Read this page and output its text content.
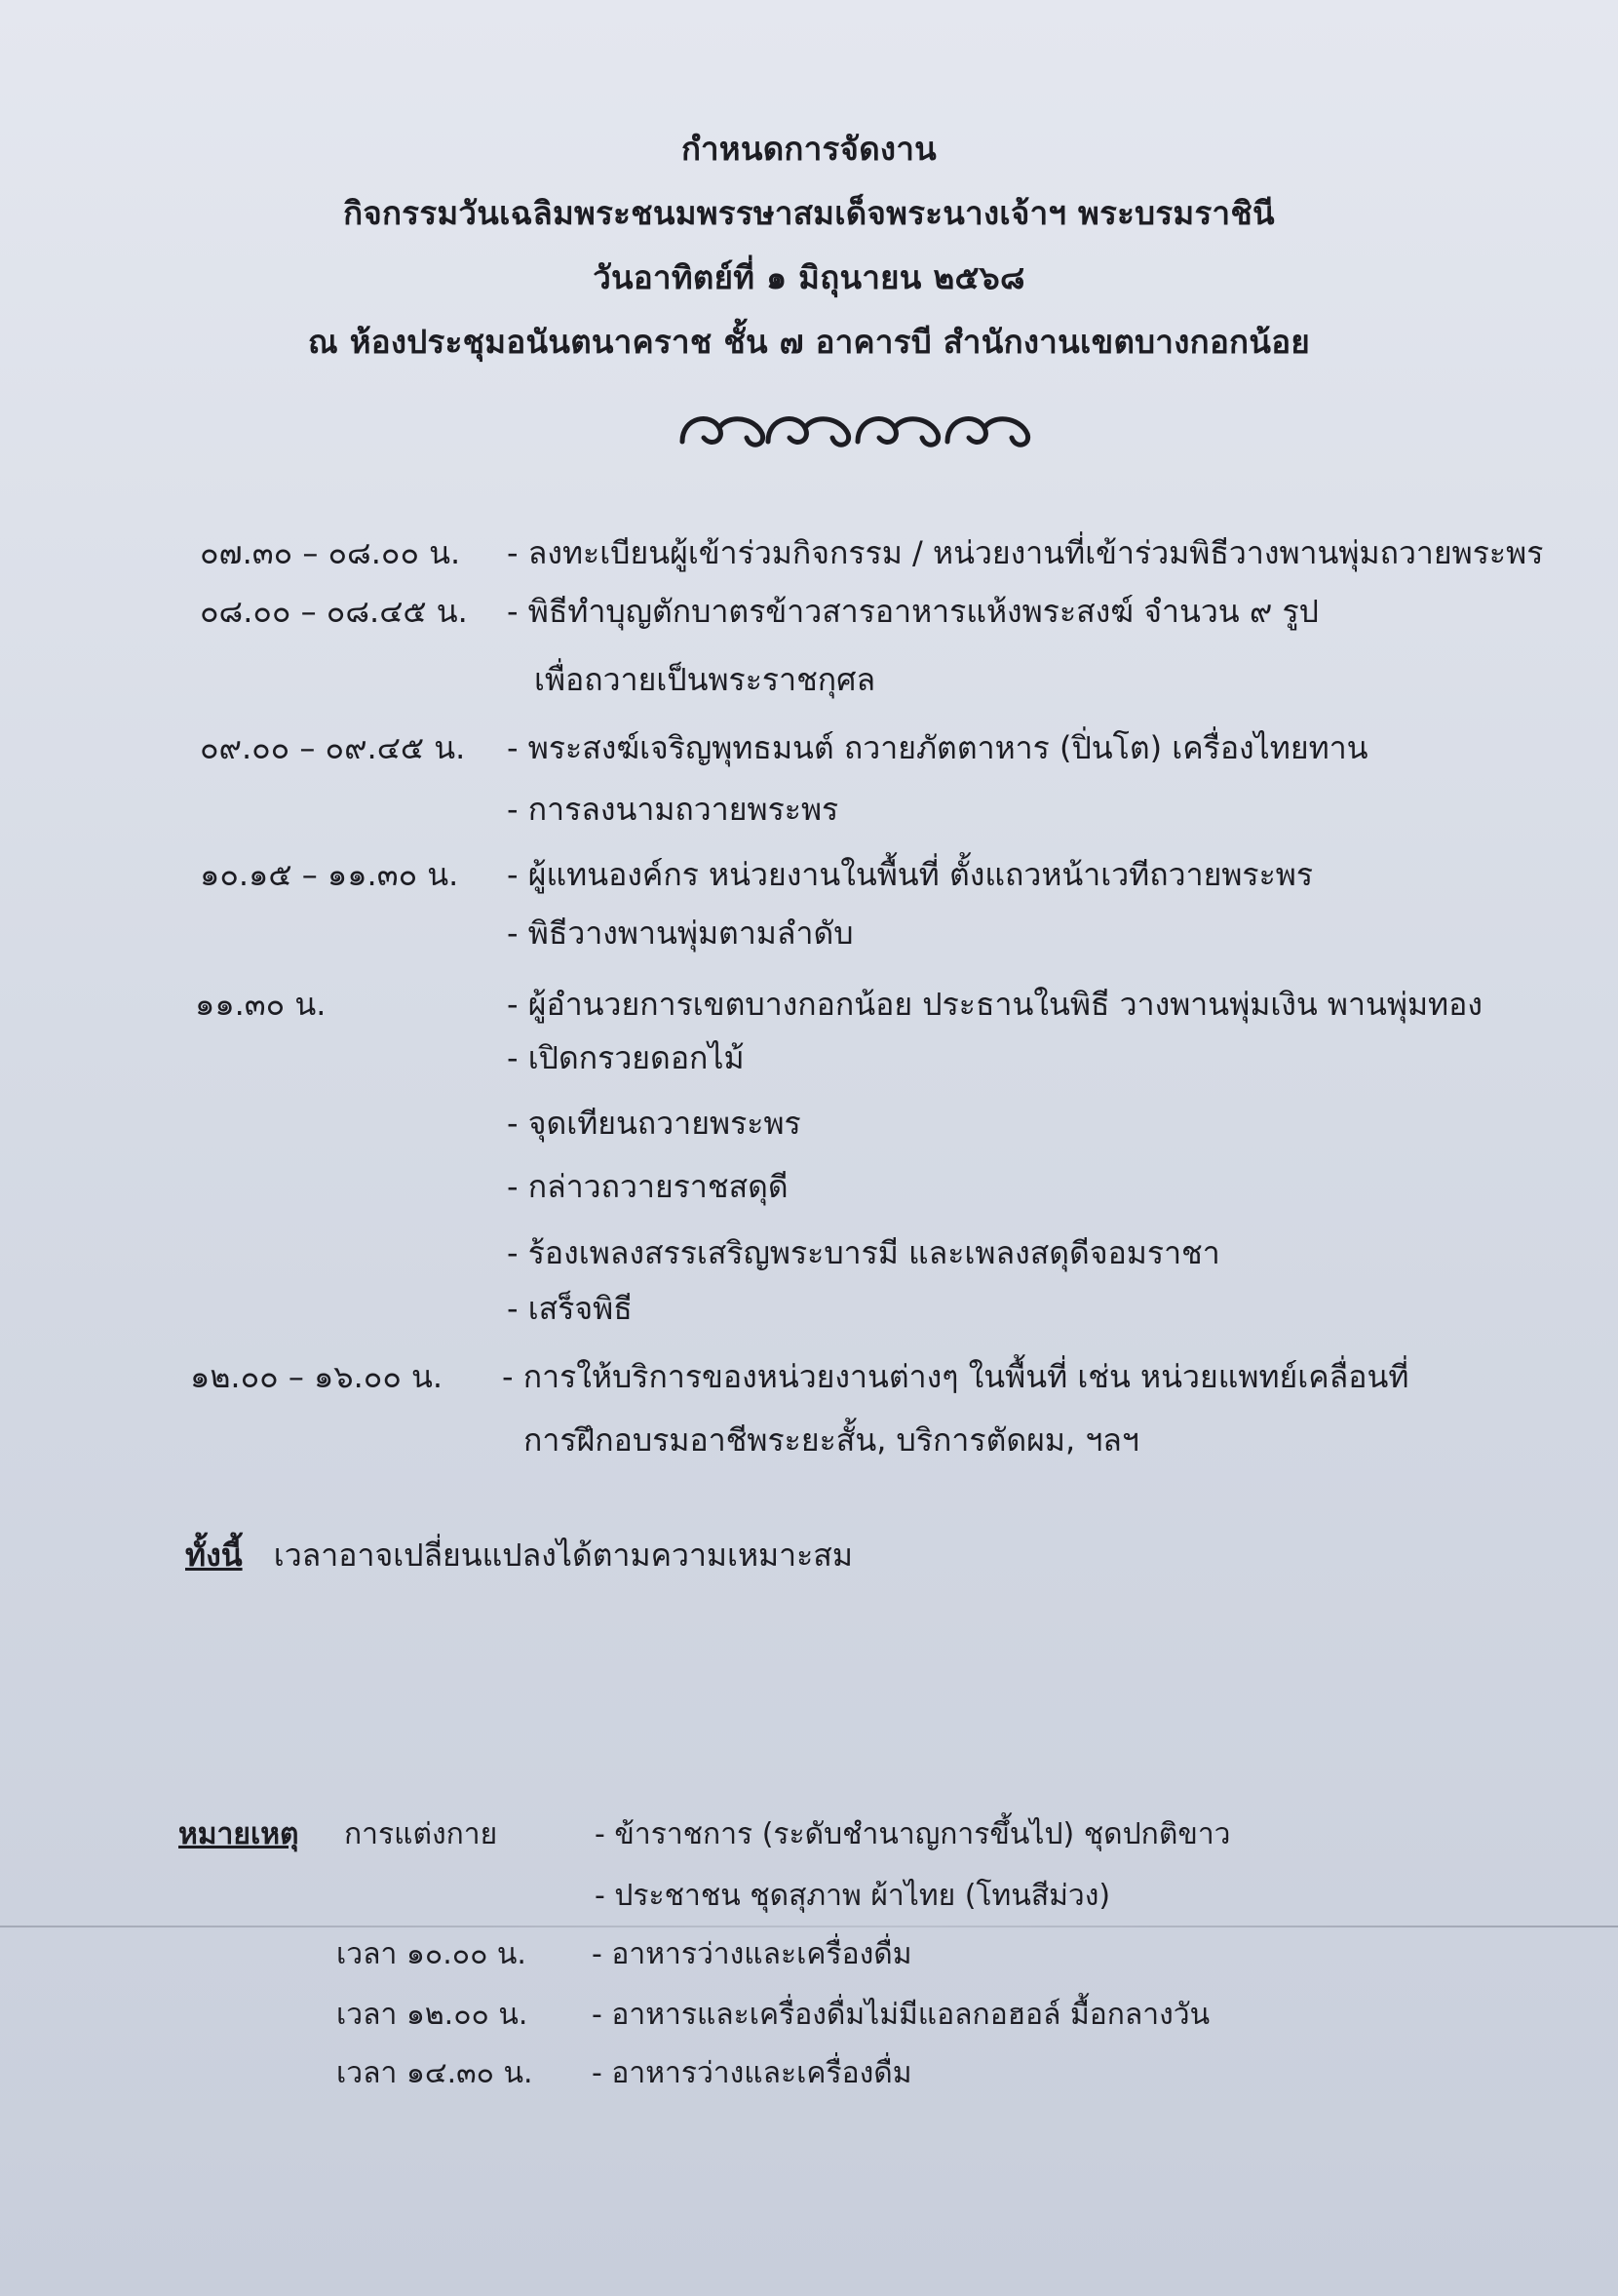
กำหนดการจัดงาน
กิจกรรมวันเฉลิมพระชนมพรรษาสมเด็จพระนางเจ้าฯ พระบรมราชินี
วันอาทิตย์ที่ ๑ มิถุนายน ๒๕๖๘
ณ ห้องประชุมอนันตนาคราช ชั้น ๗ อาคารบี สำนักงานเขตบางกอกน้อย
๐๗.๓๐ – ๐๘.๐๐ น. - ลงทะเบียนผู้เข้าร่วมกิจกรรม / หน่วยงานที่เข้าร่วมพิธีวางพานพุ่มถวายพระพร
๐๘.๐๐ – ๐๘.๔๕ น. - พิธีทำบุญตักบาตรข้าวสารอาหารแห้งพระสงฆ์ จำนวน ๙ รูป
เพื่อถวายเป็นพระราชกุศล
๐๙.๐๐ – ๐๙.๔๕ น. - พระสงฆ์เจริญพุทธมนต์ ถวายภัตตาหาร (ปิ่นโต) เครื่องไทยทาน
- การลงนามถวายพระพร
๑๐.๑๕ – ๑๑.๓๐ น. - ผู้แทนองค์กร หน่วยงานในพื้นที่ ตั้งแถวหน้าเวทีถวายพระพร
- พิธีวางพานพุ่มตามลำดับ
๑๑.๓๐ น.	- ผู้อำนวยการเขตบางกอกน้อย ประธานในพิธี วางพานพุ่มเงิน พานพุ่มทอง
- เปิดกรวยดอกไม้
- จุดเทียนถวายพระพร
- กล่าวถวายราชสดุดี
- ร้องเพลงสรรเสริญพระบารมี และเพลงสดุดีจอมราชา
- เสร็จพิธี
๑๒.๐๐ – ๑๖.๐๐ น. - การให้บริการของหน่วยงานต่างๆ ในพื้นที่ เช่น หน่วยแพทย์เคลื่อนที่
การฝึกอบรมอาชีพระยะสั้น, บริการตัดผม, ฯลฯ
ทั้งนี้ เวลาอาจเปลี่ยนแปลงได้ตามความเหมาะสม
หมายเหตุ การแต่งกาย	- ข้าราชการ (ระดับชำนาญการขึ้นไป) ชุดปกติขาว
- ประชาชน ชุดสุภาพ ผ้าไทย (โทนสีม่วง)
เวลา ๑๐.๐๐ น. - อาหารว่างและเครื่องดื่ม
เวลา ๑๒.๐๐ น. - อาหารและเครื่องดื่มไม่มีแอลกอฮอล์ มื้อกลางวัน
เวลา ๑๔.๓๐ น. - อาหารว่างและเครื่องดื่ม
